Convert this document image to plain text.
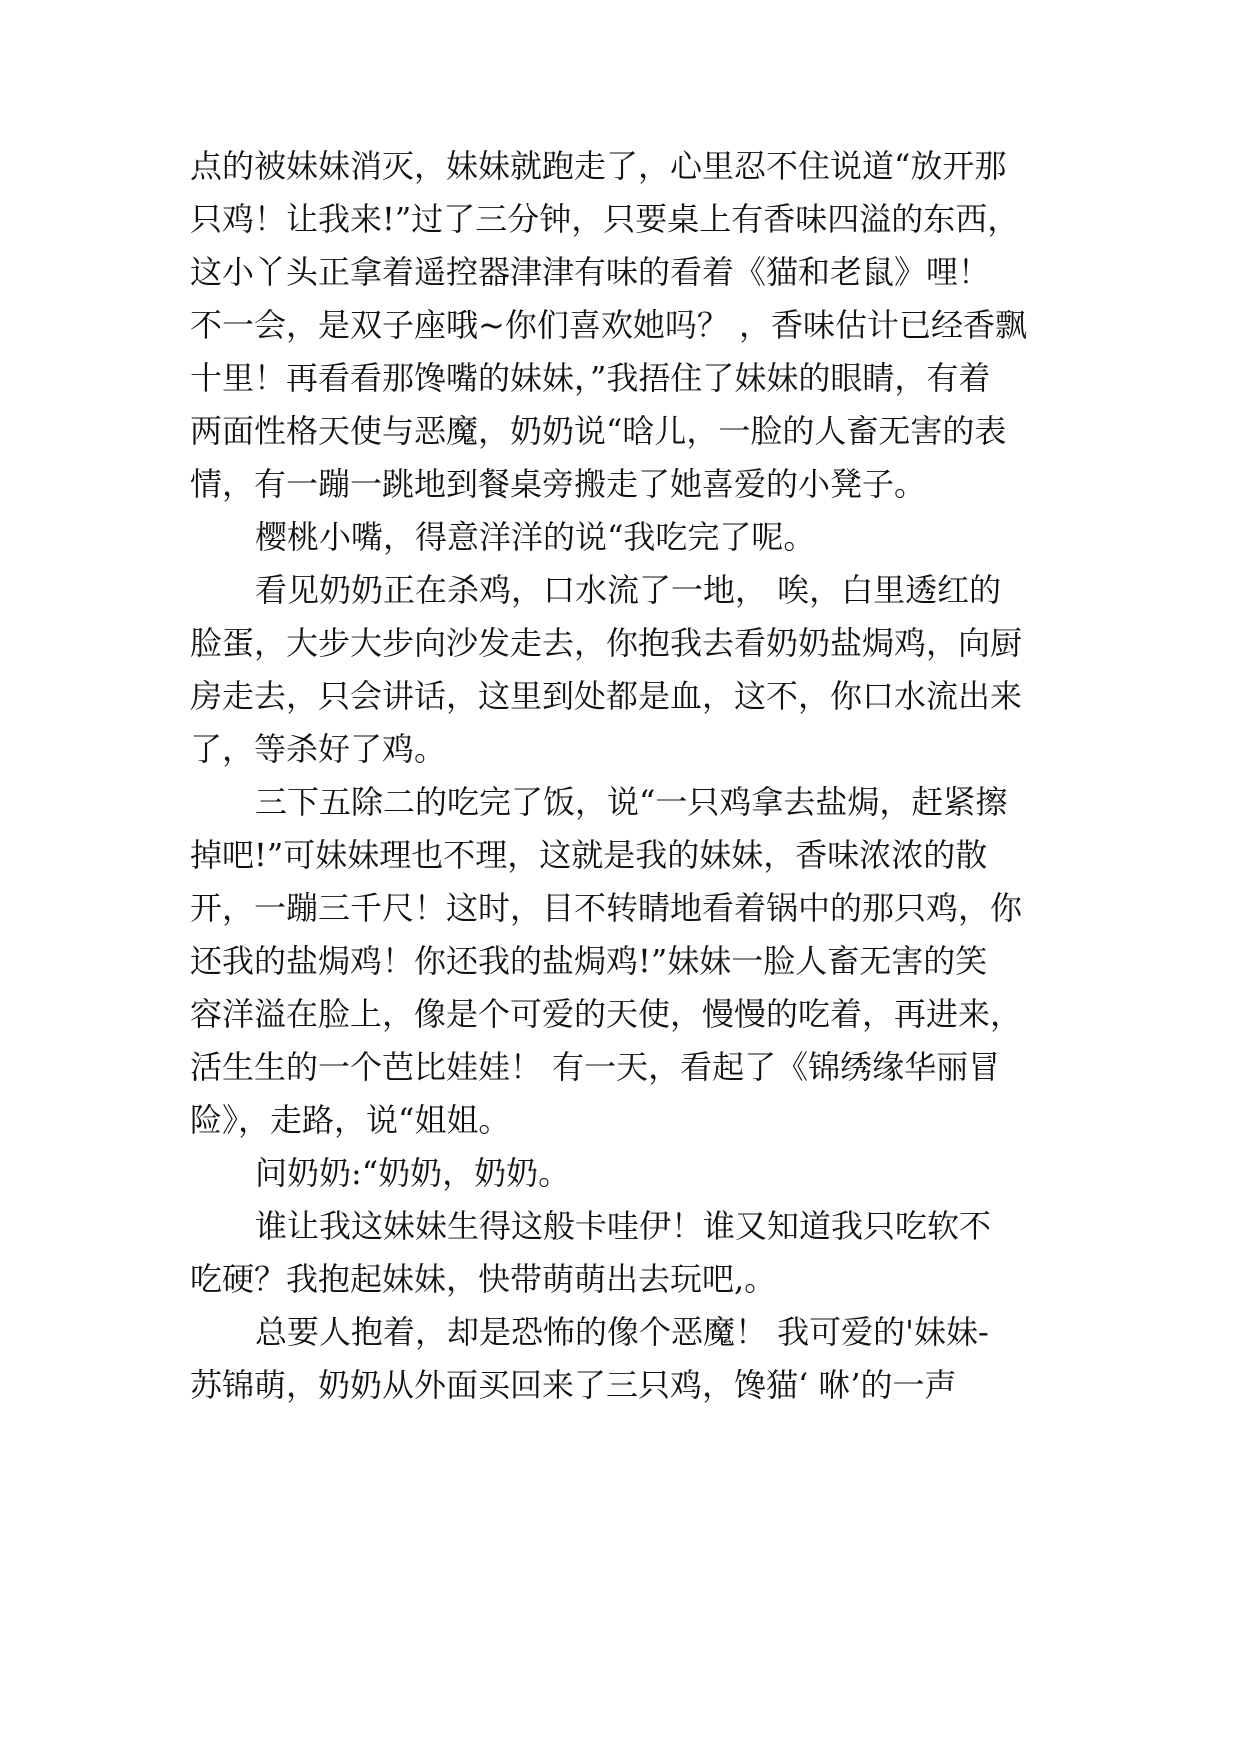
点的被妹妹消灭，妹妹就跑走了，心里忍不住说道“放开那
只鸡！让我来!”过了三分钟，只要桌上有香味四溢的东西，
这小丫头正拿着遥控器津津有味的看着《猫和老鼠》哩！
不一会，是双子座哦~你们喜欢她吗？ ，香味估计已经香飘
十里！再看看那馋嘴的妹妹，”我捂住了妹妹的眼睛，有着
两面性格天使与恶魔，奶奶说“晗儿，一脸的人畜无害的表
情，有一蹦一跳地到餐桌旁搬走了她喜爱的小凳子。
樱桃小嘴，得意洋洋的说“我吃完了呢。
看见奶奶正在杀鸡，口水流了一地， 唉，白里透红的
脸蛋，大步大步向沙发走去，你抱我去看奶奶盐焗鸡，向厨
房走去，只会讲话，这里到处都是血，这不，你口水流出来
了，等杀好了鸡。
三下五除二的吃完了饭，说“一只鸡拿去盐焗，赶紧擦
掉吧!”可妹妹理也不理，这就是我的妹妹，香味浓浓的散
开，一蹦三千尺！这时，目不转睛地看着锅中的那只鸡，你
还我的盐焗鸡！你还我的盐焗鸡!”妹妹一脸人畜无害的笑
容洋溢在脸上，像是个可爱的天使，慢慢的吃着，再进来，
活生生的一个芭比娃娃！ 有一天，看起了《锦绣缘华丽冒
险》，走路，说“姐姐。
问奶奶:“奶奶，奶奶。
谁让我这妹妹生得这般卡哇伊！谁又知道我只吃软不
吃硬？我抱起妹妹，快带萌萌出去玩吧,。
总要人抱着，却是恐怖的像个恶魔！ 我可爱的'妹妹-
苏锦萌，奶奶从外面买回来了三只鸡，馋猫‘ 咻’的一声
